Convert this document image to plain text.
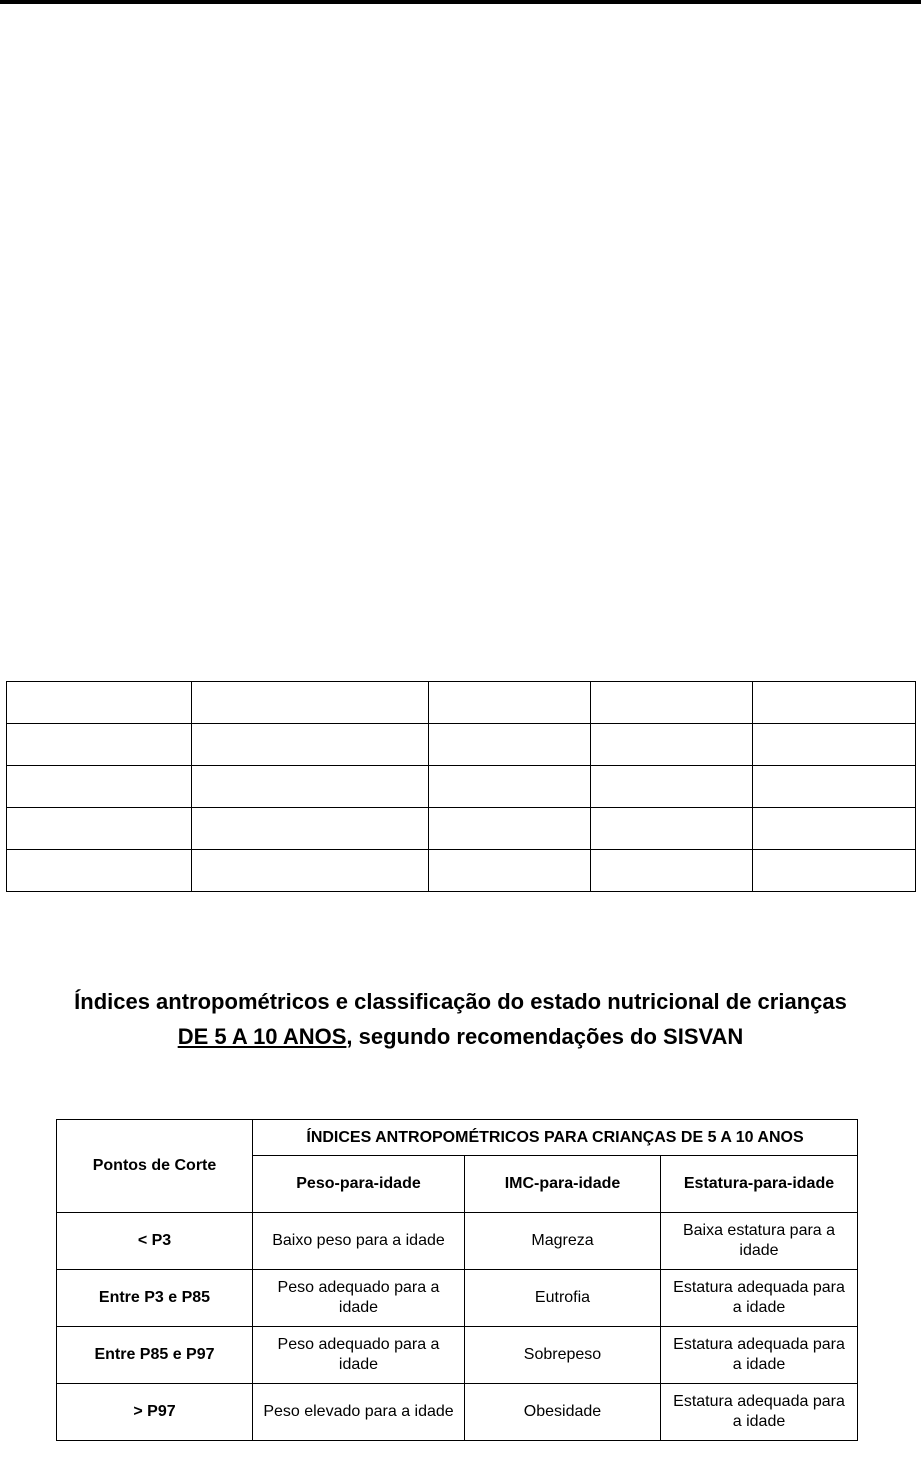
Índices antropométricos e classificação do estado nutricional de crianças
DE 5 A 10 ANOS, segundo recomendações do SISVAN
Pontos de Corte	ÍNDICES ANTROPOMÉTRICOS PARA CRIANÇAS DE 5 A 10 ANOS		
	Peso-para-idade	IMC-para-idade	Estatura-para-idade
< P3	Baixo peso para a idade	Magreza	Baixa estatura para a idade
Entre P3 e P85	Peso adequado para a idade	Eutrofia	Estatura adequada para a idade
Entre P85 e P97	Peso adequado para a idade	Sobrepeso	Estatura adequada para a idade
> P97	Peso elevado para a idade	Obesidade	Estatura adequada para a idade
